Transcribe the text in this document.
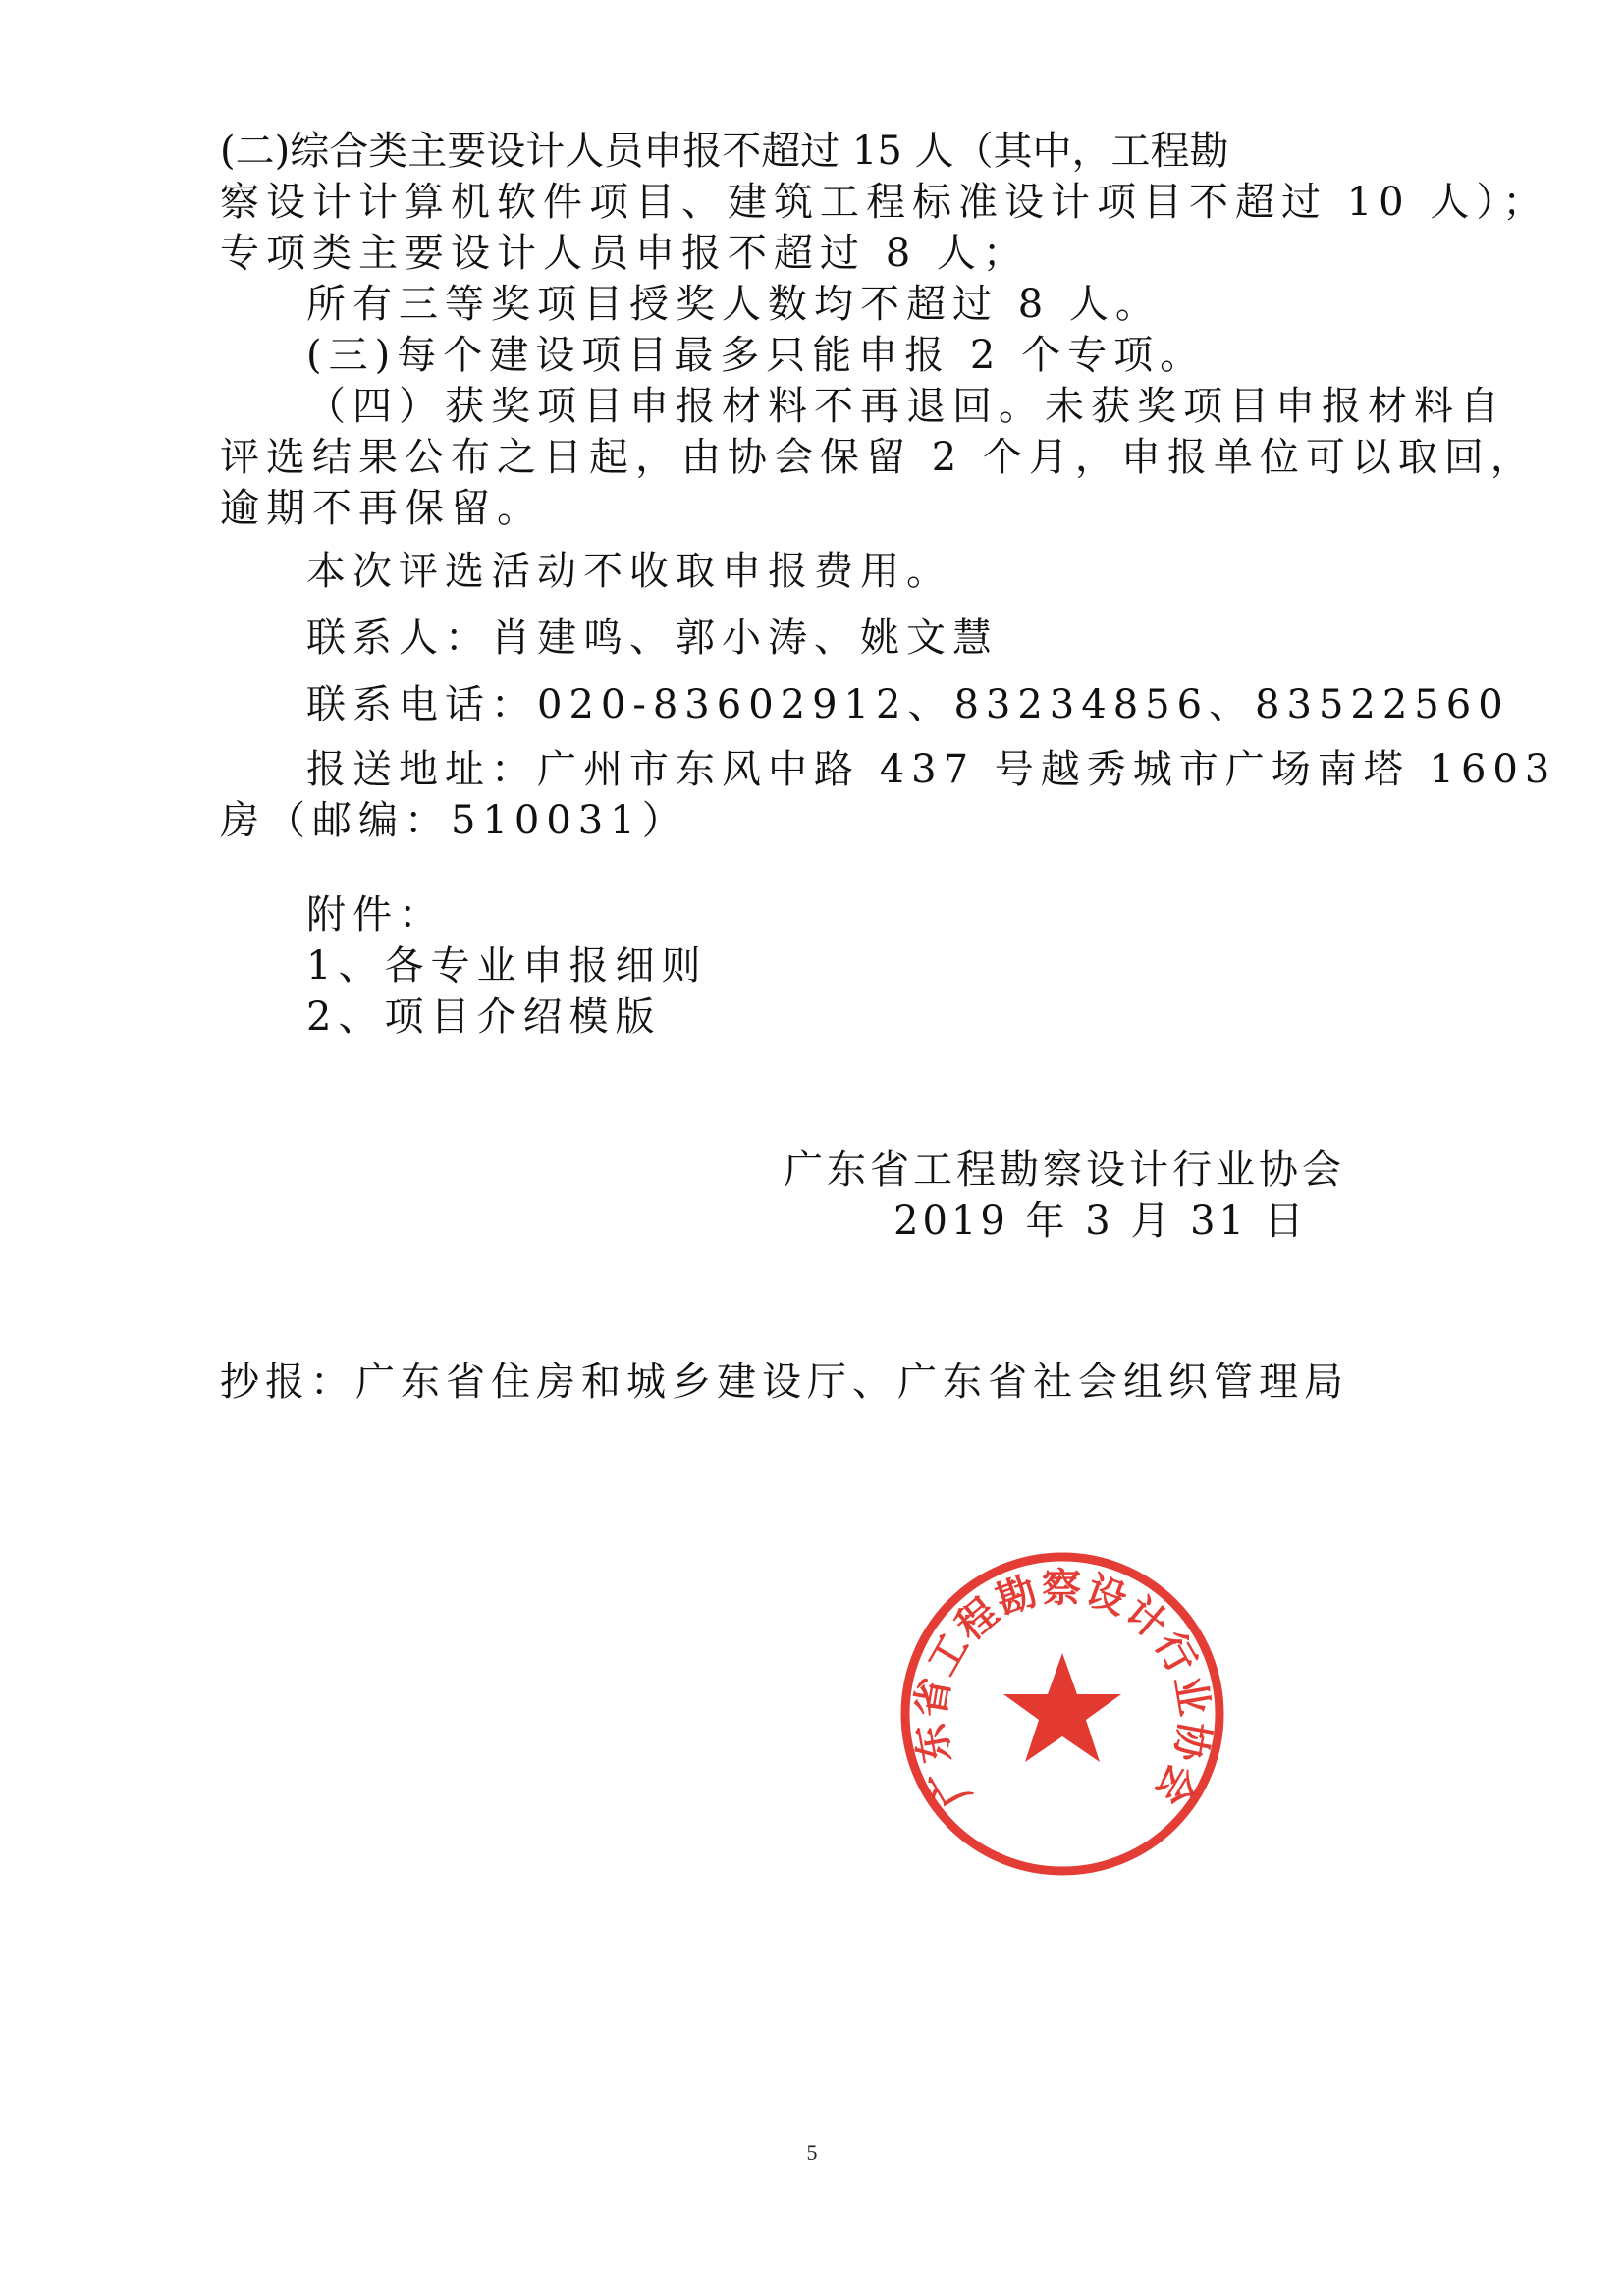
(二)综合类主要设计人员申报不超过 15 人（其中，工程勘
察设计计算机软件项目、建筑工程标准设计项目不超过 10 人）；
专项类主要设计人员申报不超过 8 人；
所有三等奖项目授奖人数均不超过 8 人。
(三)每个建设项目最多只能申报 2 个专项。
（四）获奖项目申报材料不再退回。未获奖项目申报材料自
评选结果公布之日起，由协会保留 2 个月，申报单位可以取回，
逾期不再保留。
本次评选活动不收取申报费用。
联系人：肖建鸣、郭小涛、姚文慧
联系电话：020-83602912、83234856、83522560
报送地址：广州市东风中路 437 号越秀城市广场南塔 1603
房（邮编：510031）
附件：
1、各专业申报细则
2、项目介绍模版
广东省工程勘察设计行业协会
2019 年 3 月 31 日
广东省工程勘察设计行业协会
抄报：广东省住房和城乡建设厅、广东省社会组织管理局
5
